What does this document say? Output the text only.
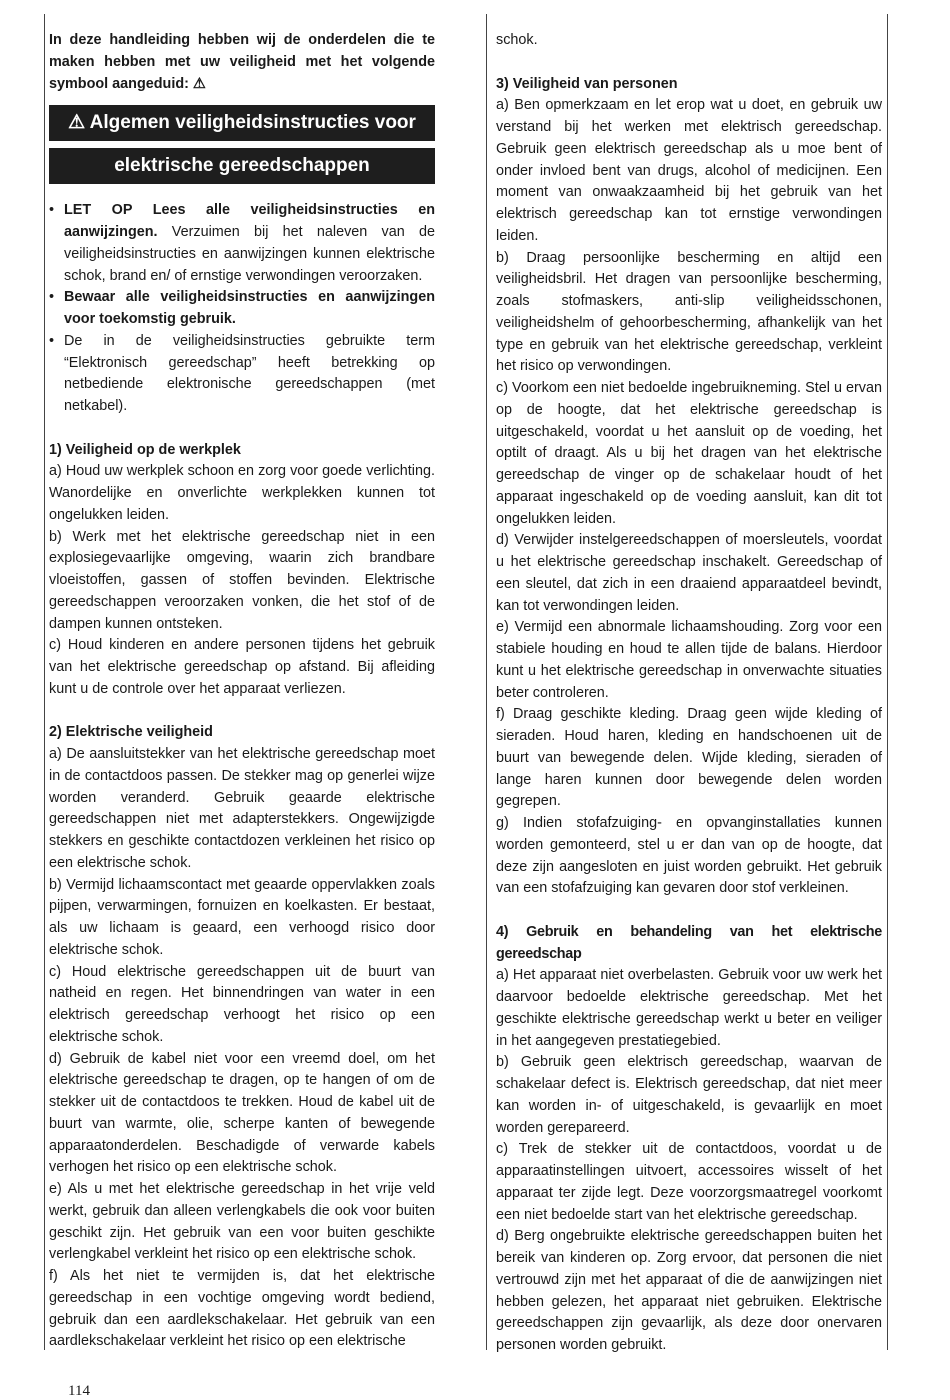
In deze handleiding hebben wij de onderdelen die te maken hebben met uw veiligheid met het volgende symbool aangeduid: ⚠

⚠ Algemen veiligheidsinstructies voor

elektrische gereedschappen

• LET OP Lees alle veiligheidsinstructies en aanwijzingen. Verzuimen bij het naleven van de veiligheidsinstructies en aanwijzingen kunnen elektrische schok, brand en/ of ernstige verwondingen veroorzaken.
• Bewaar alle veiligheidsinstructies en aanwijzingen voor toekomstig gebruik.
• De in de veiligheidsinstructies gebruikte term “Elektronisch gereedschap” heeft betrekking op netbediende elektronische gereedschappen (met netkabel).

1) Veiligheid op de werkplek

a) Houd uw werkplek schoon en zorg voor goede verlichting. Wanordelijke en onverlichte werkplekken kunnen tot ongelukken leiden.

b) Werk met het elektrische gereedschap niet in een explosiegevaarlijke omgeving, waarin zich brandbare vloeistoffen, gassen of stoffen bevinden. Elektrische gereedschappen veroorzaken vonken, die het stof of de dampen kunnen ontsteken.

c) Houd kinderen en andere personen tijdens het gebruik van het elektrische gereedschap op afstand. Bij afleiding kunt u de controle over het apparaat verliezen.

2) Elektrische veiligheid

a) De aansluitstekker van het elektrische gereedschap moet in de contactdoos passen. De stekker mag op generlei wijze worden veranderd. Gebruik geaarde elektrische gereedschappen niet met adapterstekkers. Ongewijzigde stekkers en geschikte contactdozen verkleinen het risico op een elektrische schok.

b) Vermijd lichaamscontact met geaarde oppervlakken zoals pijpen, verwarmingen, fornuizen en koelkasten. Er bestaat, als uw lichaam is geaard, een verhoogd risico door elektrische schok.

c) Houd elektrische gereedschappen uit de buurt van natheid en regen. Het binnendringen van water in een elektrisch gereedschap verhoogt het risico op een elektrische schok.

d) Gebruik de kabel niet voor een vreemd doel, om het elektrische gereedschap te dragen, op te hangen of om de stekker uit de contactdoos te trekken. Houd de kabel uit de buurt van warmte, olie, scherpe kanten of bewegende apparaatonderdelen. Beschadigde of verwarde kabels verhogen het risico op een elektrische schok.

e) Als u met het elektrische gereedschap in het vrije veld werkt, gebruik dan alleen verlengkabels die ook voor buiten geschikt zijn. Het gebruik van een voor buiten geschikte verlengkabel verkleint het risico op een elektrische schok.

f) Als het niet te vermijden is, dat het elektrische gereedschap in een vochtige omgeving wordt bediend, gebruik dan een aardlekschakelaar. Het gebruik van een aardlekschakelaar verkleint het risico op een elektrische

schok.

3) Veiligheid van personen

a) Ben opmerkzaam en let erop wat u doet, en gebruik uw verstand bij het werken met elektrisch gereedschap. Gebruik geen elektrisch gereedschap als u moe bent of onder invloed bent van drugs, alcohol of medicijnen. Een moment van onwaakzaamheid bij het gebruik van het elektrisch gereedschap kan tot ernstige verwondingen leiden.

b) Draag persoonlijke bescherming en altijd een veiligheidsbril. Het dragen van persoonlijke bescherming, zoals stofmaskers, anti-slip veiligheidsschonen, veiligheidshelm of gehoorbescherming, afhankelijk van het type en gebruik van het elektrische gereedschap, verkleint het risico op verwondingen.

c) Voorkom een niet bedoelde ingebruikneming. Stel u ervan op de hoogte, dat het elektrische gereedschap is uitgeschakeld, voordat u het aansluit op de voeding, het optilt of draagt. Als u bij het dragen van het elektrische gereedschap de vinger op de schakelaar houdt of het apparaat ingeschakeld op de voeding aansluit, kan dit tot ongelukken leiden.

d) Verwijder instelgereedschappen of moersleutels, voordat u het elektrische gereedschap inschakelt. Gereedschap of een sleutel, dat zich in een draaiend apparaatdeel bevindt, kan tot verwondingen leiden.

e) Vermijd een abnormale lichaamshouding. Zorg voor een stabiele houding en houd te allen tijde de balans. Hierdoor kunt u het elektrische gereedschap in onverwachte situaties beter controleren.

f) Draag geschikte kleding. Draag geen wijde kleding of sieraden. Houd haren, kleding en handschoenen uit de buurt van bewegende delen. Wijde kleding, sieraden of lange haren kunnen door bewegende delen worden gegrepen.

g) Indien stofafzuiging- en opvanginstallaties kunnen worden gemonteerd, stel u er dan van op de hoogte, dat deze zijn aangesloten en juist worden gebruikt. Het gebruik van een stofafzuiging kan gevaren door stof verkleinen.

4) Gebruik en behandeling van het elektrische gereedschap

a) Het apparaat niet overbelasten. Gebruik voor uw werk het daarvoor bedoelde elektrische gereedschap. Met het geschikte elektrische gereedschap werkt u beter en veiliger in het aangegeven prestatiegebied.

b) Gebruik geen elektrisch gereedschap, waarvan de schakelaar defect is. Elektrisch gereedschap, dat niet meer kan worden in- of uitgeschakeld, is gevaarlijk en moet worden gerepareerd.

c) Trek de stekker uit de contactdoos, voordat u de apparaatinstellingen uitvoert, accessoires wisselt of het apparaat ter zijde legt. Deze voorzorgsmaatregel voorkomt een niet bedoelde start van het elektrische gereedschap.

d) Berg ongebruikte elektrische gereedschappen buiten het bereik van kinderen op. Zorg ervoor, dat personen die niet vertrouwd zijn met het apparaat of die de aanwijzingen niet hebben gelezen, het apparaat niet gebruiken. Elektrische gereedschappen zijn gevaarlijk, als deze door onervaren personen worden gebruikt.

114
